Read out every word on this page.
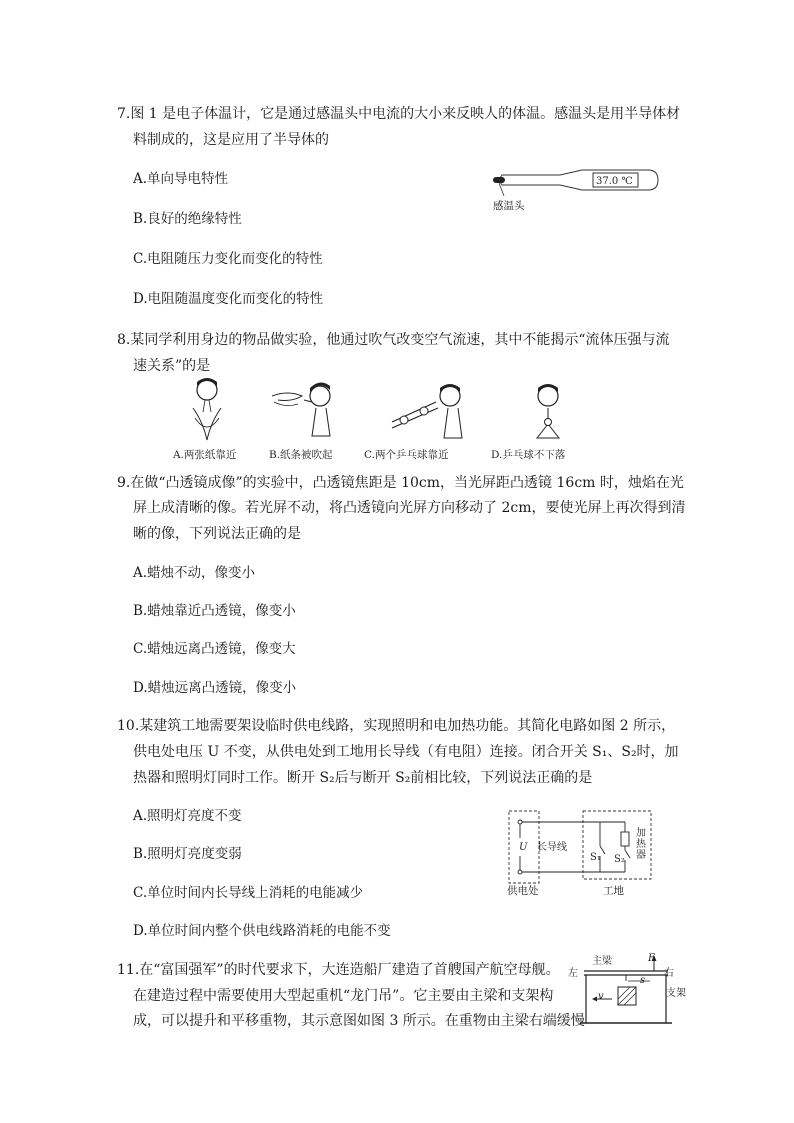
7.图 1 是电子体温计，它是通过感温头中电流的大小来反映人的体温。感温头是用半导体材
料制成的，这是应用了半导体的
A.单向导电特性
B.良好的绝缘特性
C.电阻随压力变化而变化的特性
D.电阻随温度变化而变化的特性
37.0 ℃
感温头
8.某同学利用身边的物品做实验，他通过吹气改变空气流速，其中不能揭示“流体压强与流
速关系”的是
A.两张纸靠近	B.纸条被吹起	C.两个乒乓球靠近	D.乒乓球不下落
9.在做“凸透镜成像”的实验中，凸透镜焦距是 10cm，当光屏距凸透镜 16cm 时，烛焰在光
屏上成清晰的像。若光屏不动，将凸透镜向光屏方向移动了 2cm，要使光屏上再次得到清
晰的像，下列说法正确的是
A.蜡烛不动，像变小
B.蜡烛靠近凸透镜，像变小
C.蜡烛远离凸透镜，像变大
D.蜡烛远离凸透镜，像变小
10.某建筑工地需要架设临时供电线路，实现照明和电加热功能。其简化电路如图 2 所示，
供电处电压 U 不变，从供电处到工地用长导线（有电阻）连接。闭合开关 S₁、S₂时，加
热器和照明灯同时工作。断开 S₂后与断开 S₂前相比较，下列说法正确的是
A.照明灯亮度不变
B.照明灯亮度变弱
C.单位时间内长导线上消耗的电能减少
D.单位时间内整个供电线路消耗的电能不变
U 长导线
S₁ S₂
加热器
供电处	工地
11.在“富国强军”的时代要求下，大连造船厂建造了首艘国产航空母舰。
在建造过程中需要使用大型起重机“龙门吊”。它主要由主梁和支架构
成，可以提升和平移重物，其示意图如图 3 所示。在重物由主梁右端缓慢
主梁
左	右
支架
F
s
v
